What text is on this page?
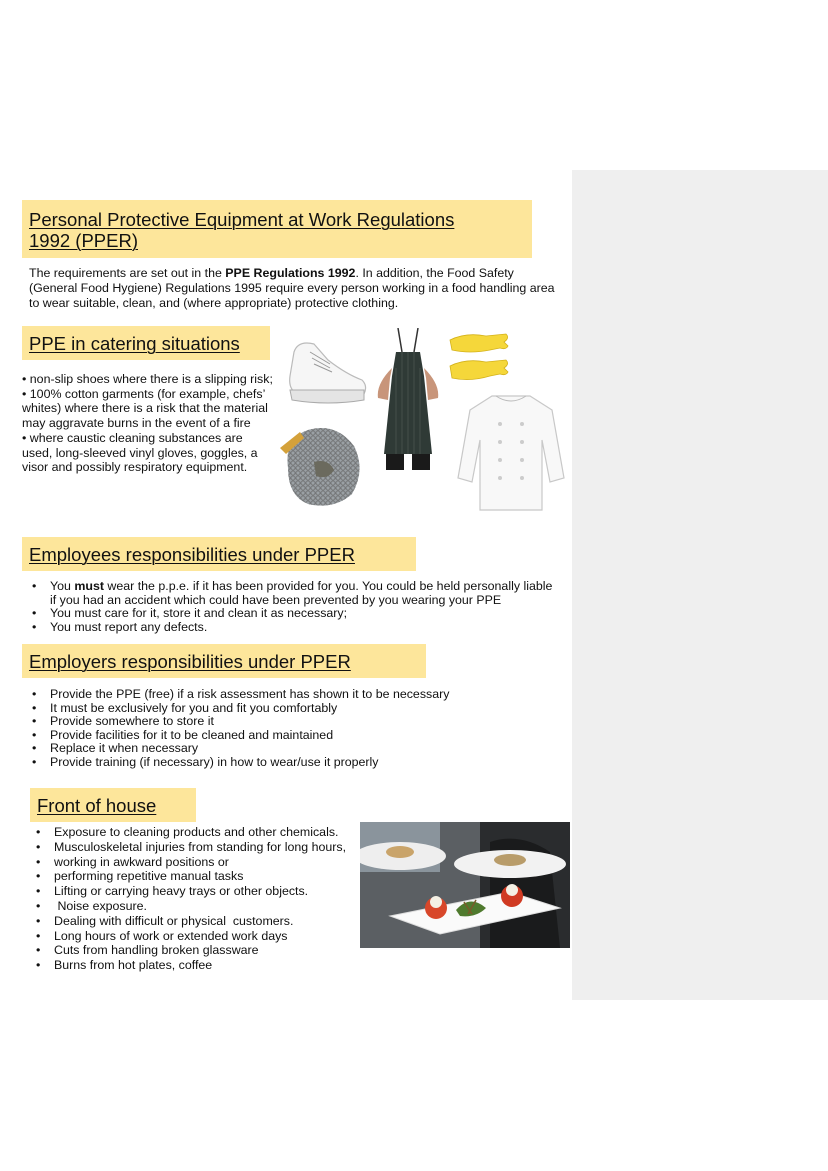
Personal Protective Equipment at Work Regulations 1992 (PPER)

The requirements are set out in the PPE Regulations 1992. In addition, the Food Safety (General Food Hygiene) Regulations 1995 require every person working in a food handling area to wear suitable, clean, and (where appropriate) protective clothing.

PPE in catering situations
• non-slip shoes where there is a slipping risk;
• 100% cotton garments (for example, chefs’ whites) where there is a risk that the material may aggravate burns in the event of a fire
• where caustic cleaning substances are used, long-sleeved vinyl gloves, goggles, a visor and possibly respiratory equipment.
Employees responsibilities under PPER
• You must wear the p.p.e. if it has been provided for you. You could be held personally liable if you had an accident which could have been prevented by you wearing your PPE
• You must care for it, store it and clean it as necessary;
• You must report any defects.
Employers responsibilities under PPER
• Provide the PPE (free) if a risk assessment has shown it to be necessary
• It must be exclusively for you and fit you comfortably
• Provide somewhere to store it
• Provide facilities for it to be cleaned and maintained
• Replace it when necessary
• Provide training (if necessary) in how to wear/use it properly
Front of house
• Exposure to cleaning products and other chemicals.
• Musculoskeletal injuries from standing for long hours,
• working in awkward positions or
• performing repetitive manual tasks
• Lifting or carrying heavy trays or other objects.
•  Noise exposure.
• Dealing with difficult or physical  customers.
• Long hours of work or extended work days
• Cuts from handling broken glassware
• Burns from hot plates, coffee
